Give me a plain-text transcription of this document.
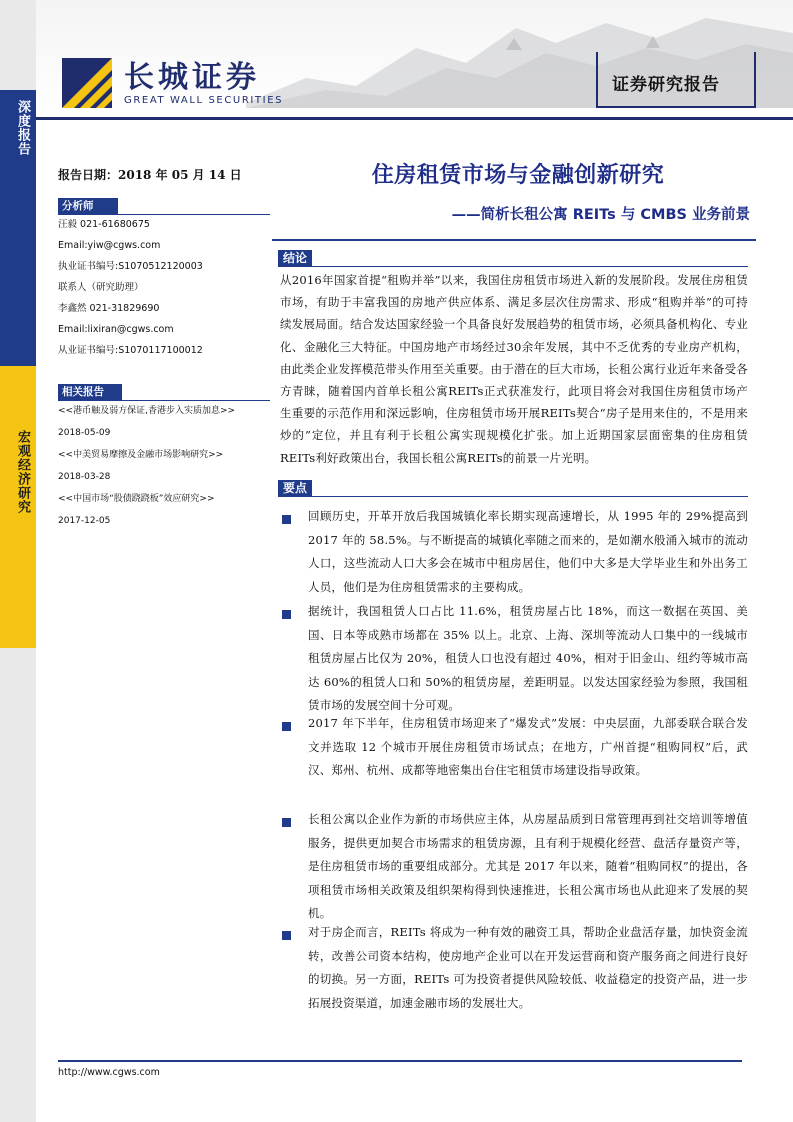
深度报告
宏观经济研究
长城证券
GREAT WALL SECURITIES
证券研究报告
报告日期：2018 年 05 月 14 日
分析师
汪毅 021-61680675
Email:yiw@cgws.com
执业证书编号:S1070512120003
联系人（研究助理）
李鑫然 021-31829690
Email:lixiran@cgws.com
从业证书编号:S1070117100012
相关报告
<<港币触及弱方保证,香港步入实质加息>>
2018-05-09
<<中美贸易摩擦及金融市场影响研究>>
2018-03-28
<<中国市场“股债跷跷板”效应研究>>
2017-12-05
住房租赁市场与金融创新研究
——简析长租公寓 REITs 与 CMBS 业务前景
结论
从2016年国家首提“租购并举”以来，我国住房租赁市场进入新的发展阶段。发展住房租赁市场，有助于丰富我国的房地产供应体系、满足多层次住房需求、形成“租购并举”的可持续发展局面。结合发达国家经验一个具备良好发展趋势的租赁市场，必须具备机构化、专业化、金融化三大特征。中国房地产市场经过30余年发展，其中不乏优秀的专业房产机构，由此类企业发挥模范带头作用至关重要。由于潜在的巨大市场，长租公寓行业近年来备受各方青睐，随着国内首单长租公寓REITs正式获准发行，此项目将会对我国住房租赁市场产生重要的示范作用和深远影响，住房租赁市场开展REITs契合“房子是用来住的，不是用来炒的”定位，并且有利于长租公寓实现规模化扩张。加上近期国家层面密集的住房租赁REITs利好政策出台，我国长租公寓REITs的前景一片光明。
要点
回顾历史，开革开放后我国城镇化率长期实现高速增长，从 1995 年的 29%提高到 2017 年的 58.5%。与不断提高的城镇化率随之而来的，是如潮水般涌入城市的流动人口，这些流动人口大多会在城市中租房居住，他们中大多是大学毕业生和外出务工人员，他们是为住房租赁需求的主要构成。
据统计，我国租赁人口占比 11.6%，租赁房屋占比 18%，而这一数据在英国、美国、日本等成熟市场都在 35% 以上。北京、上海、深圳等流动人口集中的一线城市租赁房屋占比仅为 20%，租赁人口也没有超过 40%，相对于旧金山、纽约等城市高达 60%的租赁人口和 50%的租赁房屋，差距明显。以发达国家经验为参照，我国租赁市场的发展空间十分可观。
2017 年下半年，住房租赁市场迎来了“爆发式”发展：中央层面，九部委联合联合发文并选取 12 个城市开展住房租赁市场试点；在地方，广州首提“租购同权”后，武汉、郑州、杭州、成都等地密集出台住宅租赁市场建设指导政策。
长租公寓以企业作为新的市场供应主体，从房屋品质到日常管理再到社交培训等增值服务，提供更加契合市场需求的租赁房源，且有利于规模化经营、盘活存量资产等，是住房租赁市场的重要组成部分。尤其是 2017 年以来，随着“租购同权”的提出，各项租赁市场相关政策及组织架构得到快速推进，长租公寓市场也从此迎来了发展的契机。
对于房企而言，REITs 将成为一种有效的融资工具，帮助企业盘活存量，加快资金流转，改善公司资本结构，使房地产企业可以在开发运营商和资产服务商之间进行良好的切换。另一方面，REITs 可为投资者提供风险较低、收益稳定的投资产品，进一步拓展投资渠道，加速金融市场的发展壮大。
http://www.cgws.com
